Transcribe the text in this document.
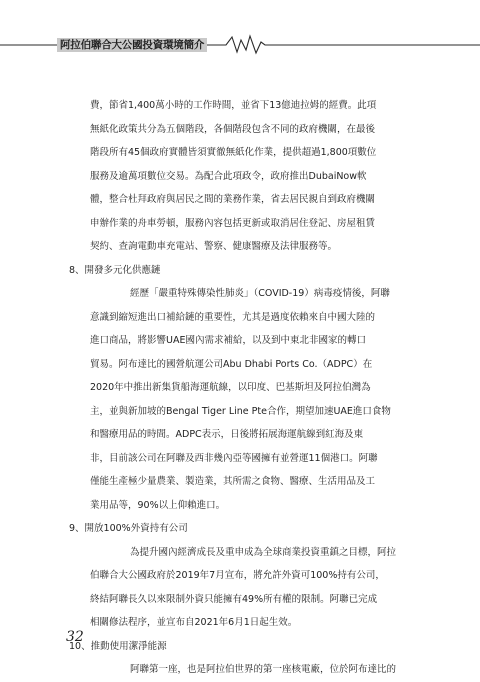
阿拉伯聯合大公國投資環境簡介
費，節省1,400萬小時的工作時間，並省下13億迪拉姆的經費。此項
無紙化政策共分為五個階段，各個階段包含不同的政府機關，在最後
階段所有45個政府實體皆須實徹無紙化作業，提供超過1,800項數位
服務及逾萬項數位交易。為配合此項政令，政府推出DubaiNow軟
體，整合杜拜政府與居民之間的業務作業，省去居民親自到政府機關
申辦作業的舟車勞頓，服務內容包括更新或取消居住登記、房屋租賃
契約、查詢電動車充電站、警察、健康醫療及法律服務等。
8、開發多元化供應鏈
經歷「嚴重特殊傳染性肺炎」（COVID-19）病毒疫情後，阿聯
意識到縮短進出口補給鏈的重要性，尤其是過度依賴來自中國大陸的
進口商品，將影響UAE國內需求補給，以及到中東北非國家的轉口
貿易。阿布達比的國營航運公司Abu Dhabi Ports Co.（ADPC）在
2020年中推出新集貨船海運航線，以印度、巴基斯坦及阿拉伯灣為
主，並與新加坡的Bengal Tiger Line Pte合作，期望加速UAE進口食物
和醫療用品的時間。ADPC表示，日後將拓展海運航線到紅海及東
非，目前該公司在阿聯及西非幾內亞等國擁有並營運11個港口。阿聯
僅能生產極少量農業、製造業，其所需之食物、醫療、生活用品及工
業用品等，90%以上仰賴進口。
9、開放100%外資持有公司
為提升國內經濟成長及重申成為全球商業投資重鎮之目標，阿拉
伯聯合大公國政府於2019年7月宣布，將允許外資可100%持有公司，
終結阿聯長久以來限制外資只能擁有49%所有權的限制。阿聯已完成
相關修法程序，並宣布自2021年6月1日起生效。
10、推動使用潔淨能源
阿聯第一座，也是阿拉伯世界的第一座核電廠，位於阿布達比的
32
